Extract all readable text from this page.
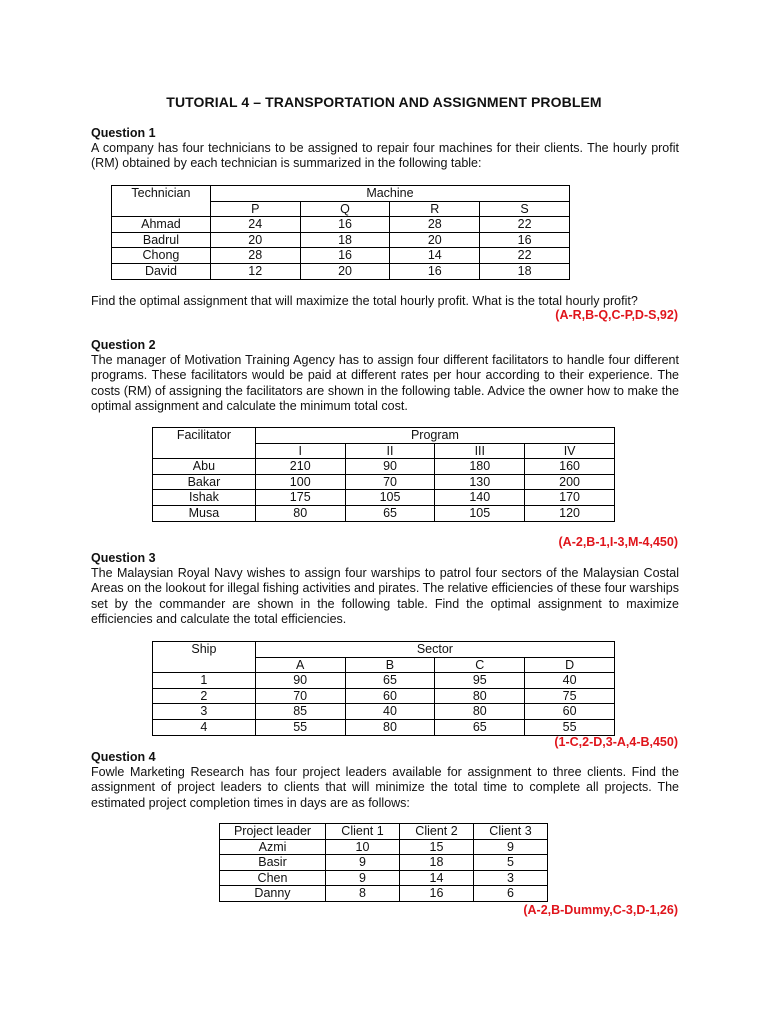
TUTORIAL 4 – TRANSPORTATION AND ASSIGNMENT PROBLEM
Question 1
A company has four technicians to be assigned to repair four machines for their clients. The hourly profit (RM) obtained by each technician is summarized in the following table:
Technician	Machine			
	P	Q	R	S
Ahmad	24	16	28	22
Badrul	20	18	20	16
Chong	28	16	14	22
David	12	20	16	18
Find the optimal assignment that will maximize the total hourly profit. What is the total hourly profit?
(A-R,B-Q,C-P,D-S,92)
Question 2
The manager of Motivation Training Agency has to assign four different facilitators to handle four different programs. These facilitators would be paid at different rates per hour according to their experience. The costs (RM) of assigning the facilitators are shown in the following table. Advice the owner how to make the optimal assignment and calculate the minimum total cost.
Facilitator	Program			
	I	II	III	IV
Abu	210	90	180	160
Bakar	100	70	130	200
Ishak	175	105	140	170
Musa	80	65	105	120
(A-2,B-1,I-3,M-4,450)
Question 3
The Malaysian Royal Navy wishes to assign four warships to patrol four sectors of the Malaysian Costal Areas on the lookout for illegal fishing activities and pirates. The relative efficiencies of these four warships set by the commander are shown in the following table. Find the optimal assignment to maximize efficiencies and calculate the total efficiencies.
Ship	Sector			
	A	B	C	D
1	90	65	95	40
2	70	60	80	75
3	85	40	80	60
4	55	80	65	55
(1-C,2-D,3-A,4-B,450)
Question 4
Fowle Marketing Research has four project leaders available for assignment to three clients. Find the assignment of project leaders to clients that will minimize the total time to complete all projects. The estimated project completion times in days are as follows:
Project leader	Client 1	Client 2	Client 3
Azmi	10	15	9
Basir	9	18	5
Chen	9	14	3
Danny	8	16	6
(A-2,B-Dummy,C-3,D-1,26)
